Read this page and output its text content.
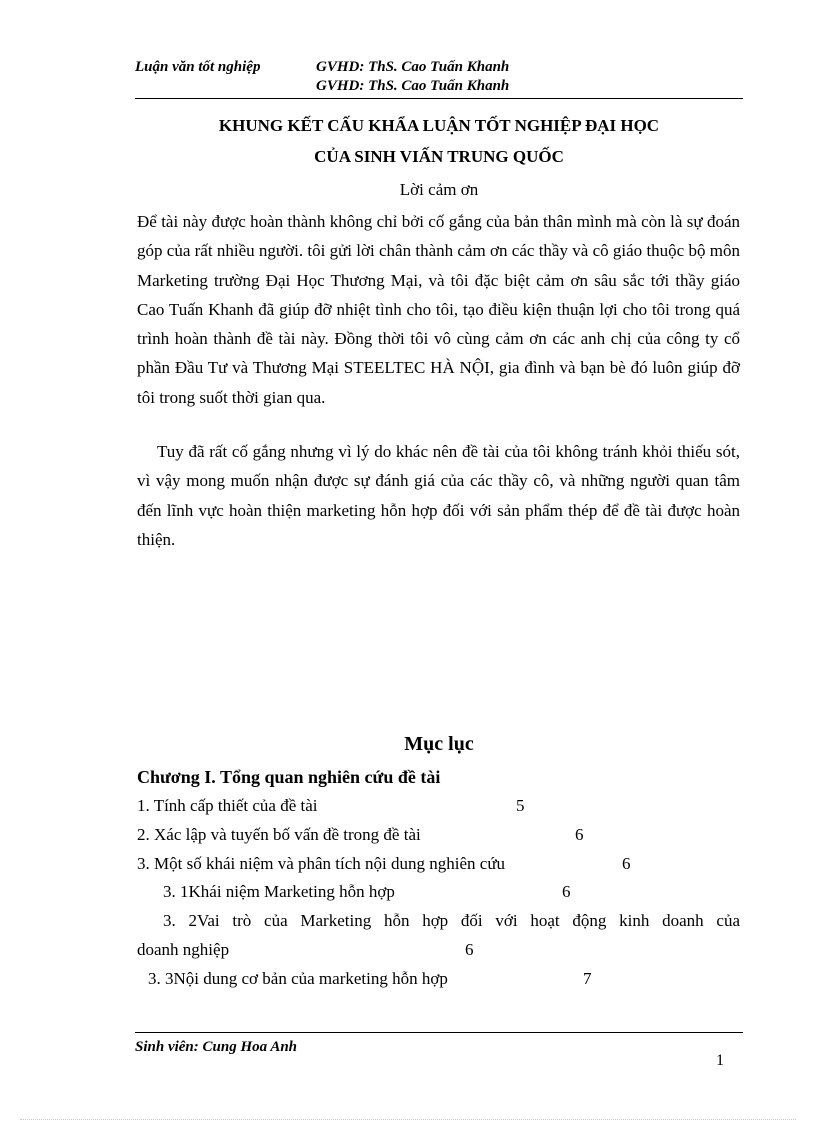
Luận văn tốt nghiệp	GVHD: ThS. Cao Tuấn Khanh
GVHD: ThS. Cao Tuấn Khanh
KHUNG KẾT CẤU KHẨA LUẬN TỐT NGHIỆP ĐẠI HỌC
CỦA SINH VIẤN TRUNG QUỐC
Lời cảm ơn
Để tài này được hoàn thành không chỉ bởi cố gắng của bản thân mình mà còn là sự đoán góp của rất nhiều người. tôi gửi lời chân thành cảm ơn các thầy và cô giáo thuộc bộ môn Marketing trường Đại Học Thương Mại, và tôi đặc biệt cảm ơn sâu sắc tới thầy giáo Cao Tuấn Khanh đã giúp đỡ nhiệt tình cho tôi, tạo điều kiện thuận lợi cho tôi trong quá trình hoàn thành đề tài này. Đồng thời tôi vô cùng cảm ơn các anh chị của công ty cổ phần Đầu Tư và Thương Mại STEELTEC HÀ NỘI, gia đình và bạn bè đó luôn giúp đỡ tôi trong suốt thời gian qua.
Tuy đã rất cố gắng nhưng vì lý do khác nên đề tài của tôi không tránh khỏi thiếu sót, vì vậy mong muốn nhận được sự đánh giá của các thầy cô, và những người quan tâm đến lĩnh vực hoàn thiện marketing hỗn hợp đối với sản phẩm thép để đề tài được hoàn thiện.
Mục lục
Chương I. Tổng quan nghiên cứu đề tài
1. Tính cấp thiết của đề tài	5
2. Xác lập và tuyến bố vấn đề trong đề tài	6
3. Một số khái niệm và phân tích nội dung nghiên cứu	6
3. 1Khái niệm Marketing hỗn hợp	6
3. 2Vai trò của Marketing hỗn hợp đối với hoạt động kinh doanh của
doanh nghiệp	6
3. 3Nội dung cơ bản của marketing hỗn hợp	7
Sinh viên: Cung Hoa Anh
1
